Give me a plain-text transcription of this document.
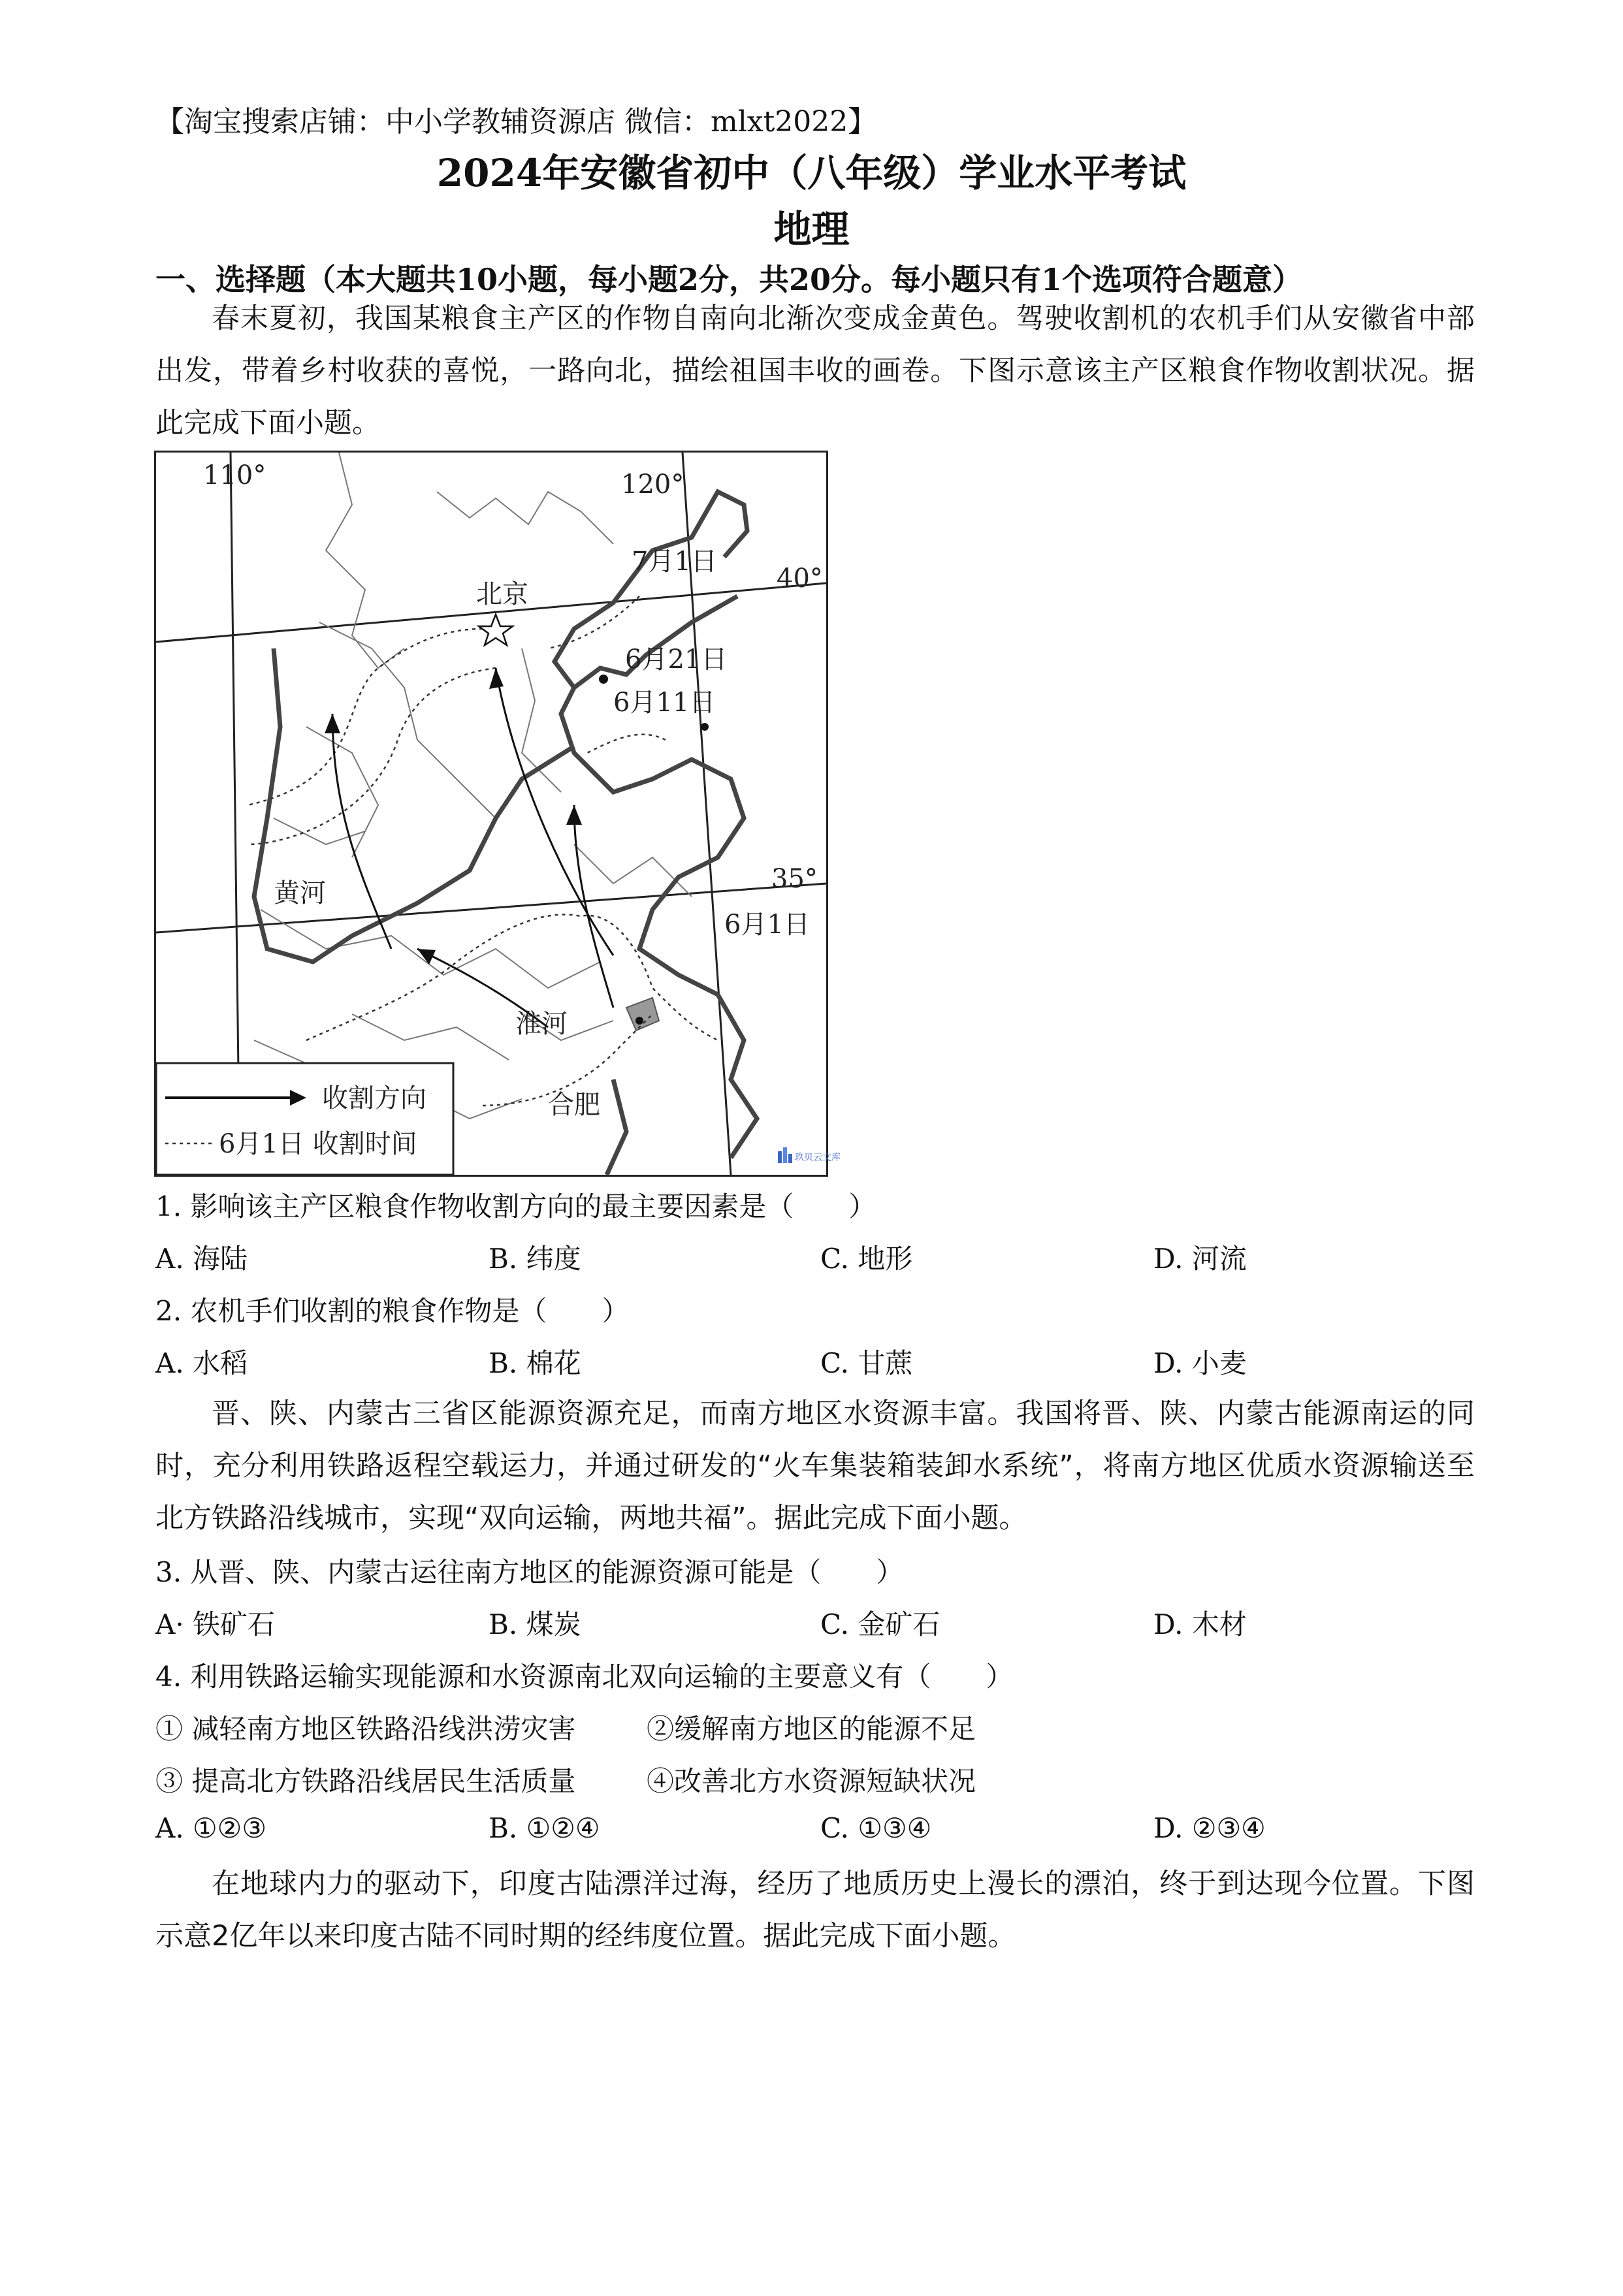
【淘宝搜索店铺：中小学教辅资源店 微信：mlxt2022】
2024年安徽省初中（八年级）学业水平考试
地理
一、选择题（本大题共10小题，每小题2分，共20分。每小题只有1个选项符合题意）
春末夏初，我国某粮食主产区的作物自南向北渐次变成金黄色。驾驶收割机的农机手们从安徽省中部出发，带着乡村收获的喜悦，一路向北，描绘祖国丰收的画卷。下图示意该主产区粮食作物收割状况。据此完成下面小题。
110°	120°
40°
35°
北京
7月1日
6月21日
6月11日
6月1日
黄河
淮河
合肥
收割方向
6月1日 收割时间	玖贝云文库
1. 影响该主产区粮食作物收割方向的最主要因素是（　　）
A. 海陆	B. 纬度	C. 地形	D. 河流
2. 农机手们收割的粮食作物是（　　）
A. 水稻	B. 棉花	C. 甘蔗	D. 小麦
晋、陕、内蒙古三省区能源资源充足，而南方地区水资源丰富。我国将晋、陕、内蒙古能源南运的同时，充分利用铁路返程空载运力，并通过研发的“火车集装箱装卸水系统”，将南方地区优质水资源输送至北方铁路沿线城市，实现“双向运输，两地共福”。据此完成下面小题。
3. 从晋、陕、内蒙古运往南方地区的能源资源可能是（　　）
A· 铁矿石	B. 煤炭	C. 金矿石	D. 木材
4. 利用铁路运输实现能源和水资源南北双向运输的主要意义有（　　）
① 减轻南方地区铁路沿线洪涝灾害	②缓解南方地区的能源不足
③ 提高北方铁路沿线居民生活质量	④改善北方水资源短缺状况
A. ①②③	B. ①②④	C. ①③④	D. ②③④
在地球内力的驱动下，印度古陆漂洋过海，经历了地质历史上漫长的漂泊，终于到达现今位置。下图示意2亿年以来印度古陆不同时期的经纬度位置。据此完成下面小题。
